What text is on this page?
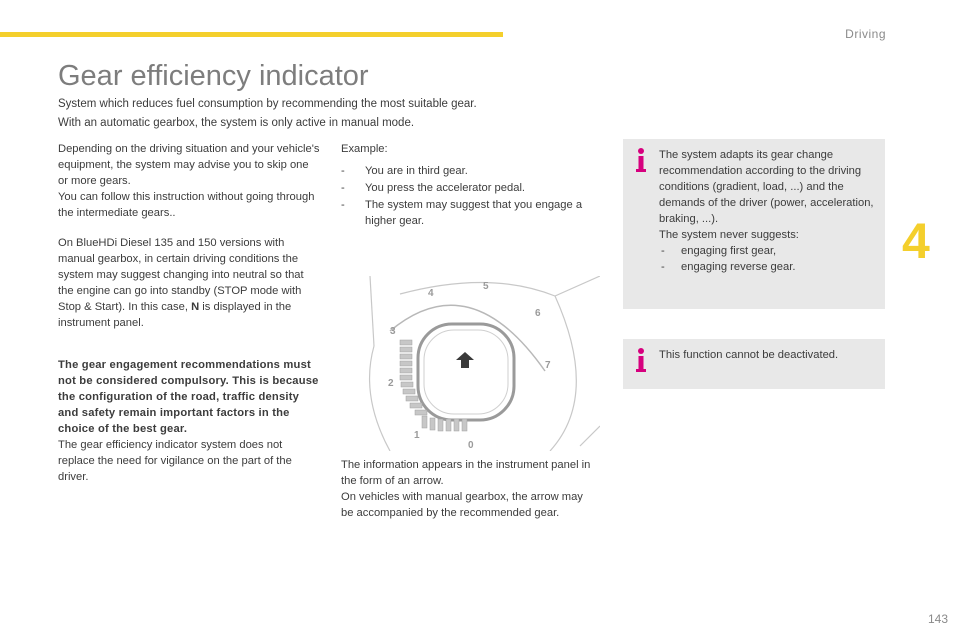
Driving
Gear efficiency indicator

System which reduces fuel consumption by recommending the most suitable gear.

With an automatic gearbox, the system is only active in manual mode.

Depending on the driving situation and your vehicle's equipment, the system may advise you to skip one or more gears.
You can follow this instruction without going through the intermediate gears..

On BlueHDi Diesel 135 and 150 versions with manual gearbox, in certain driving conditions the system may suggest changing into neutral so that the engine can go into standby (STOP mode with Stop & Start). In this case, N is displayed in the instrument panel.

The gear engagement recommendations must not be considered compulsory. This is because the configuration of the road, traffic density and safety remain important factors in the choice of the best gear.
The gear efficiency indicator system does not replace the need for vigilance on the part of the driver.

Example:
- You are in third gear.
- You press the accelerator pedal.
- The system may suggest that you engage a higher gear.
0
1
2
3
4
5
6
7
The information appears in the instrument panel in the form of an arrow.
On vehicles with manual gearbox, the arrow may be accompanied by the recommended gear.
The system adapts its gear change recommendation according to the driving conditions (gradient, load, ...) and the demands of the driver (power, acceleration, braking, ...).
The system never suggests:
- engaging first gear,
- engaging reverse gear.
This function cannot be deactivated.
4
143
